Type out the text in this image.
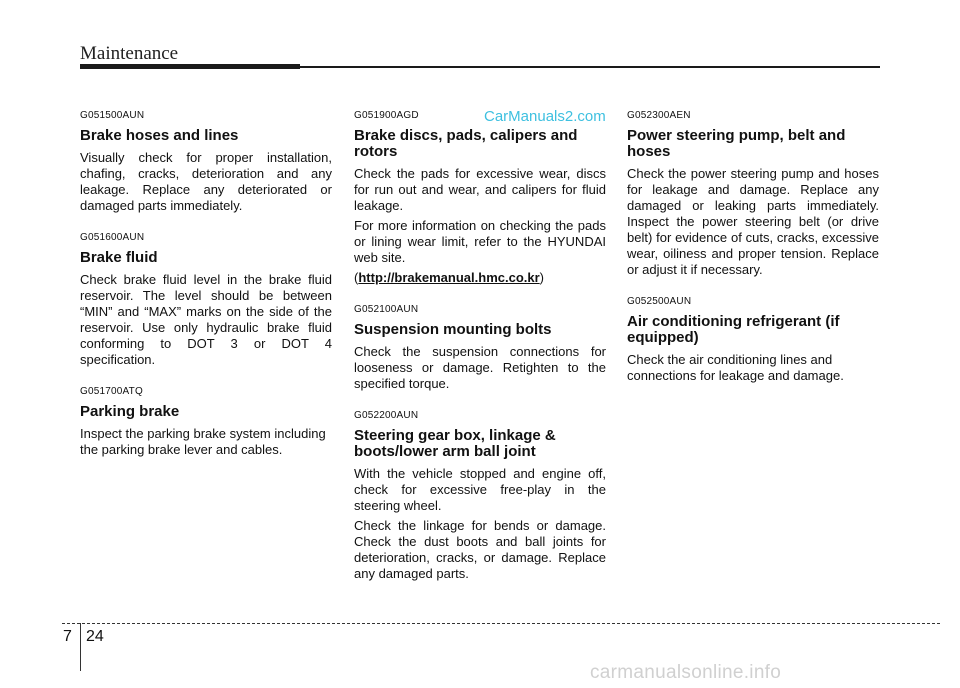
Maintenance
CarManuals2.com
G051500AUN
Brake hoses and lines

Visually check for proper installation, chafing, cracks, deterioration and any leakage. Replace any deteriorated or damaged parts immediately.

G051600AUN
Brake fluid

Check brake fluid level in the brake fluid reservoir. The level should be between “MIN” and “MAX” marks on the side of the reservoir. Use only hydraulic brake fluid conforming to DOT 3 or DOT 4 specification.

G051700ATQ
Parking brake

Inspect the parking brake system including the parking brake lever and cables.

G051900AGD
Brake discs, pads, calipers and rotors

Check the pads for excessive wear, discs for run out and wear, and calipers for fluid leakage.

For more information on checking the pads or lining wear limit, refer to the HYUNDAI web site.

(http://brakemanual.hmc.co.kr)

G052100AUN
Suspension mounting bolts

Check the suspension connections for looseness or damage. Retighten to the specified torque.

G052200AUN
Steering gear box, linkage & boots/lower arm ball joint

With the vehicle stopped and engine off, check for excessive free-play in the steering wheel.

Check the linkage for bends or damage. Check the dust boots and ball joints for deterioration, cracks, or damage. Replace any damaged parts.

G052300AEN
Power steering pump, belt and hoses

Check the power steering pump and hoses for leakage and damage. Replace any damaged or leaking parts immediately. Inspect the power steering belt (or drive belt) for evidence of cuts, cracks, excessive wear, oiliness and proper tension. Replace or adjust it if necessary.

G052500AUN
Air conditioning refrigerant (if equipped)

Check the air conditioning lines and connections for leakage and damage.

7 24
carmanualsonline.info
